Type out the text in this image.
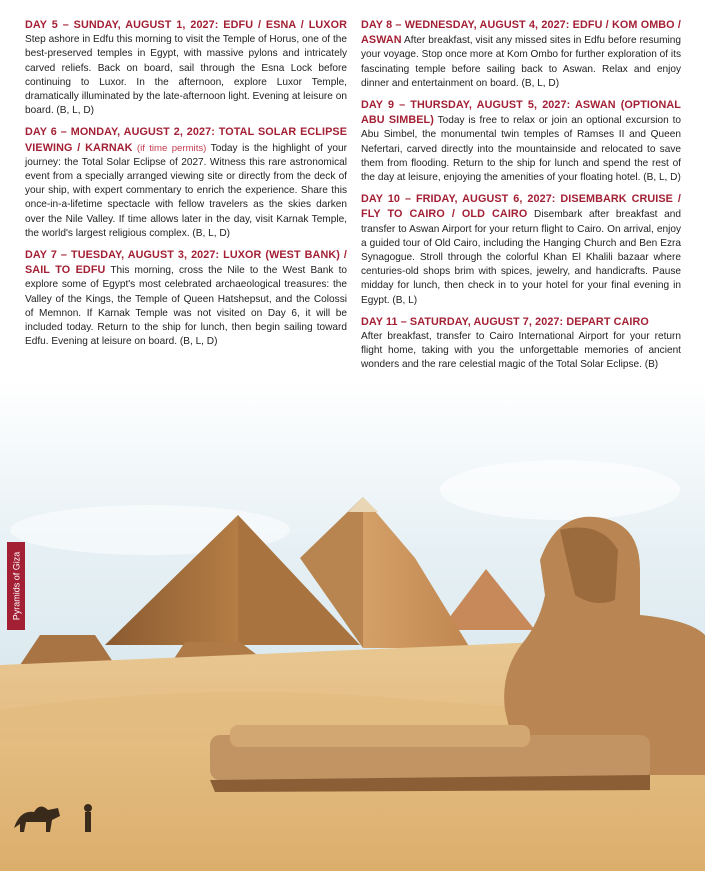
DAY 5 – SUNDAY, AUGUST 1, 2027: EDFU / ESNA / LUXOR Step ashore in Edfu this morning to visit the Temple of Horus, one of the best-preserved temples in Egypt, with massive pylons and intricately carved reliefs. Back on board, sail through the Esna Lock before continuing to Luxor. In the afternoon, explore Luxor Temple, dramatically illuminated by the late-afternoon light. Evening at leisure on board. (B, L, D)

DAY 6 – MONDAY, AUGUST 2, 2027: TOTAL SOLAR ECLIPSE VIEWING / KARNAK (if time permits) Today is the highlight of your journey: the Total Solar Eclipse of 2027. Witness this rare astronomical event from a specially arranged viewing site or directly from the deck of your ship, with expert commentary to enrich the experience. Share this once-in-a-lifetime spectacle with fellow travelers as the skies darken over the Nile Valley. If time allows later in the day, visit Karnak Temple, the world's largest religious complex. (B, L, D)

DAY 7 – TUESDAY, AUGUST 3, 2027: LUXOR (WEST BANK) / SAIL TO EDFU This morning, cross the Nile to the West Bank to explore some of Egypt's most celebrated archaeological treasures: the Valley of the Kings, the Temple of Queen Hatshepsut, and the Colossi of Memnon. If Karnak Temple was not visited on Day 6, it will be included today. Return to the ship for lunch, then begin sailing toward Edfu. Evening at leisure on board. (B, L, D)

DAY 8 – WEDNESDAY, AUGUST 4, 2027: EDFU / KOM OMBO / ASWAN After breakfast, visit any missed sites in Edfu before resuming your voyage. Stop once more at Kom Ombo for further exploration of its fascinating temple before sailing back to Aswan. Relax and enjoy dinner and entertainment on board. (B, L, D)

DAY 9 – THURSDAY, AUGUST 5, 2027: ASWAN (OPTIONAL ABU SIMBEL) Today is free to relax or join an optional excursion to Abu Simbel, the monumental twin temples of Ramses II and Queen Nefertari, carved directly into the mountainside and relocated to save them from flooding. Return to the ship for lunch and spend the rest of the day at leisure, enjoying the amenities of your floating hotel. (B, L, D)

DAY 10 – FRIDAY, AUGUST 6, 2027: DISEMBARK CRUISE / FLY TO CAIRO / OLD CAIRO Disembark after breakfast and transfer to Aswan Airport for your return flight to Cairo. On arrival, enjoy a guided tour of Old Cairo, including the Hanging Church and Ben Ezra Synagogue. Stroll through the colorful Khan El Khalili bazaar where centuries-old shops brim with spices, jewelry, and handicrafts. Pause midday for lunch, then check in to your hotel for your final evening in Egypt. (B, L)

DAY 11 – SATURDAY, AUGUST 7, 2027: DEPART CAIRO
After breakfast, transfer to Cairo International Airport for your return flight home, taking with you the unforgettable memories of ancient wonders and the rare celestial magic of the Total Solar Eclipse. (B)

Pyramids of Giza
